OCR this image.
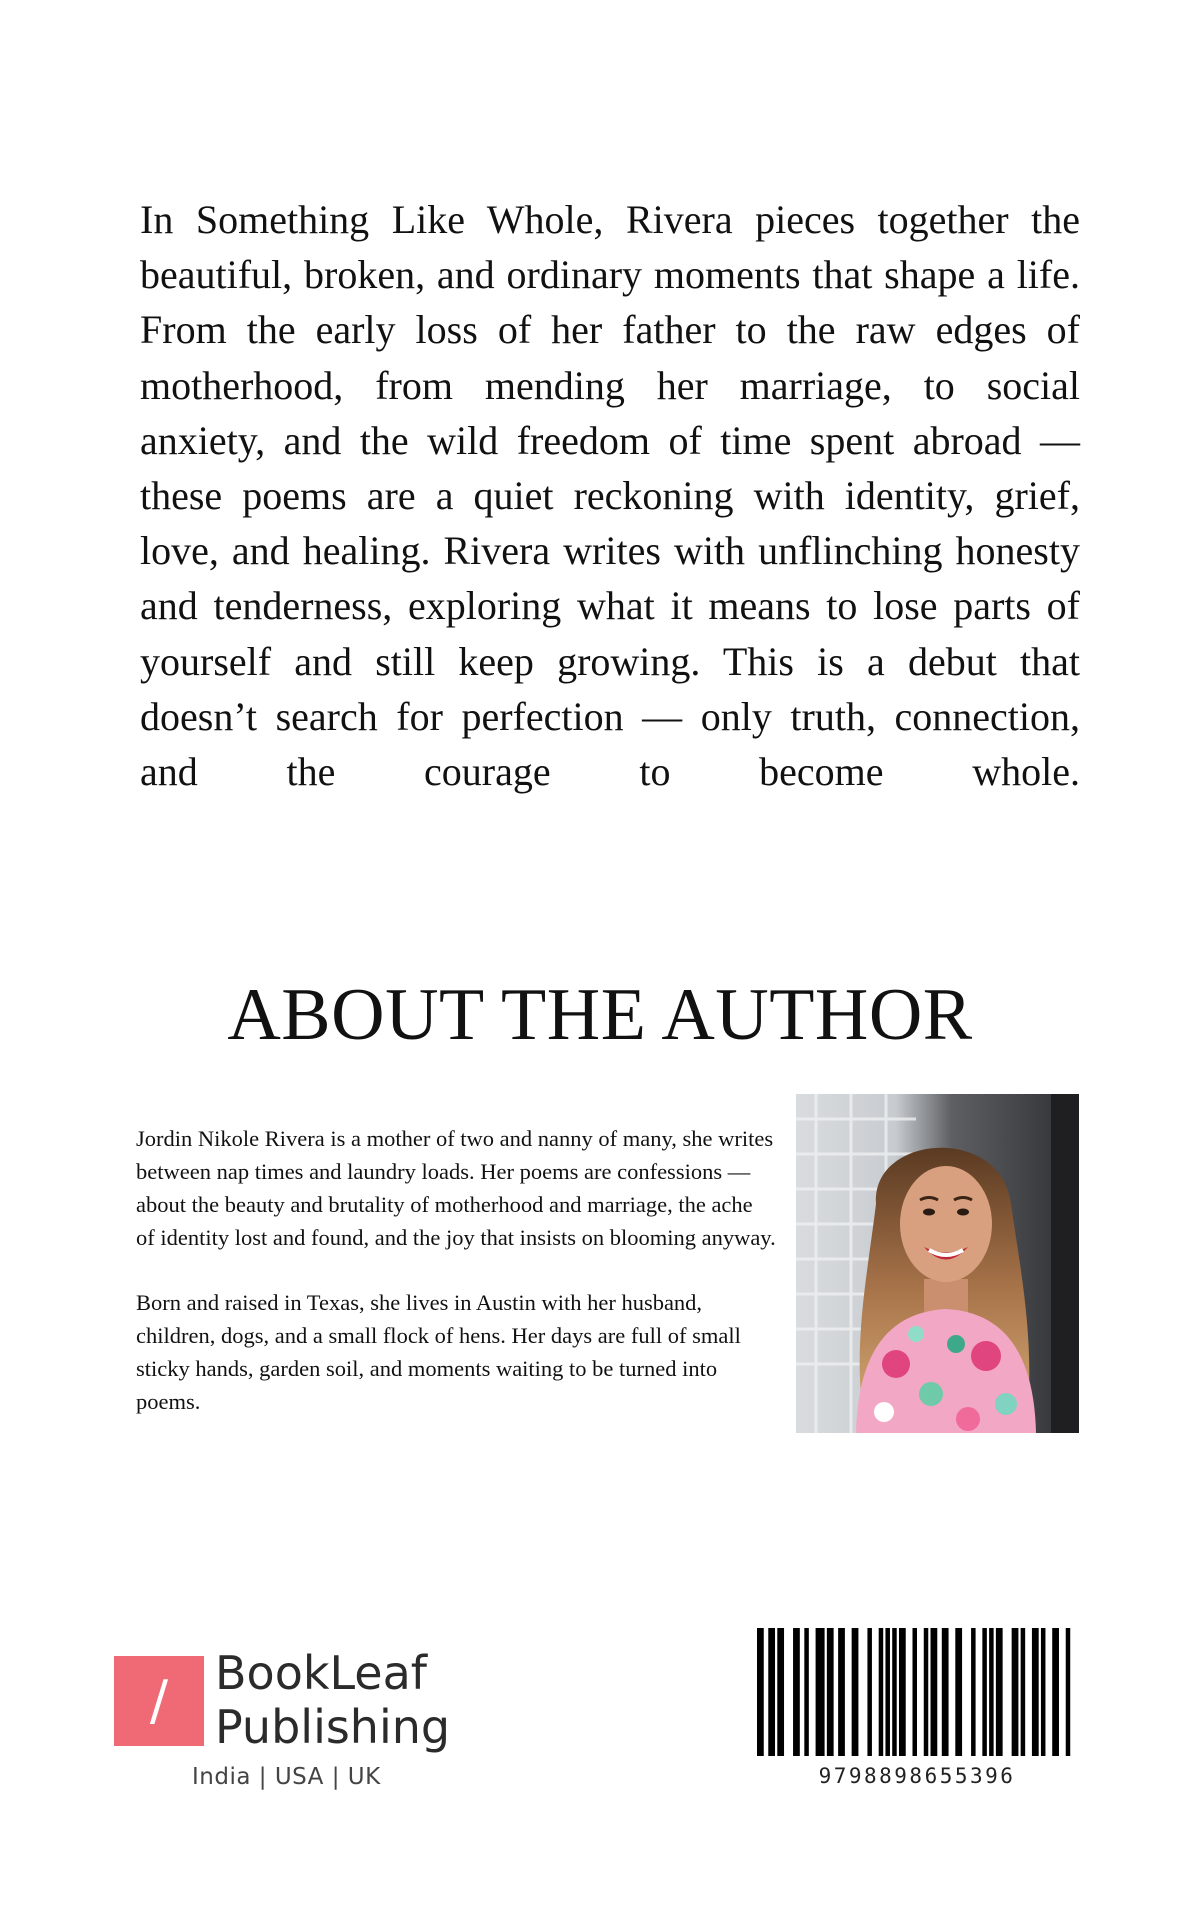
In Something Like Whole, Rivera pieces together the beautiful, broken, and ordinary moments that shape a life. From the early loss of her father to the raw edges of motherhood, from mending her marriage, to social anxiety, and the wild freedom of time spent abroad — these poems are a quiet reckoning with identity, grief, love, and healing. Rivera writes with unflinching honesty and tenderness, exploring what it means to lose parts of yourself and still keep growing. This is a debut that doesn’t search for perfection — only truth, connection, and the courage to become whole.

ABOUT THE AUTHOR

Jordin Nikole Rivera is a mother of two and nanny of many, she writes between nap times and laundry loads. Her poems are confessions — about the beauty and brutality of motherhood and marriage, the ache of identity lost and found, and the joy that insists on blooming anyway.

Born and raised in Texas, she lives in Austin with her husband, children, dogs, and a small flock of hens. Her days are full of small sticky hands, garden soil, and moments waiting to be turned into poems.

/	BookLeaf
Publishing
India | USA | UK	9798898655396
